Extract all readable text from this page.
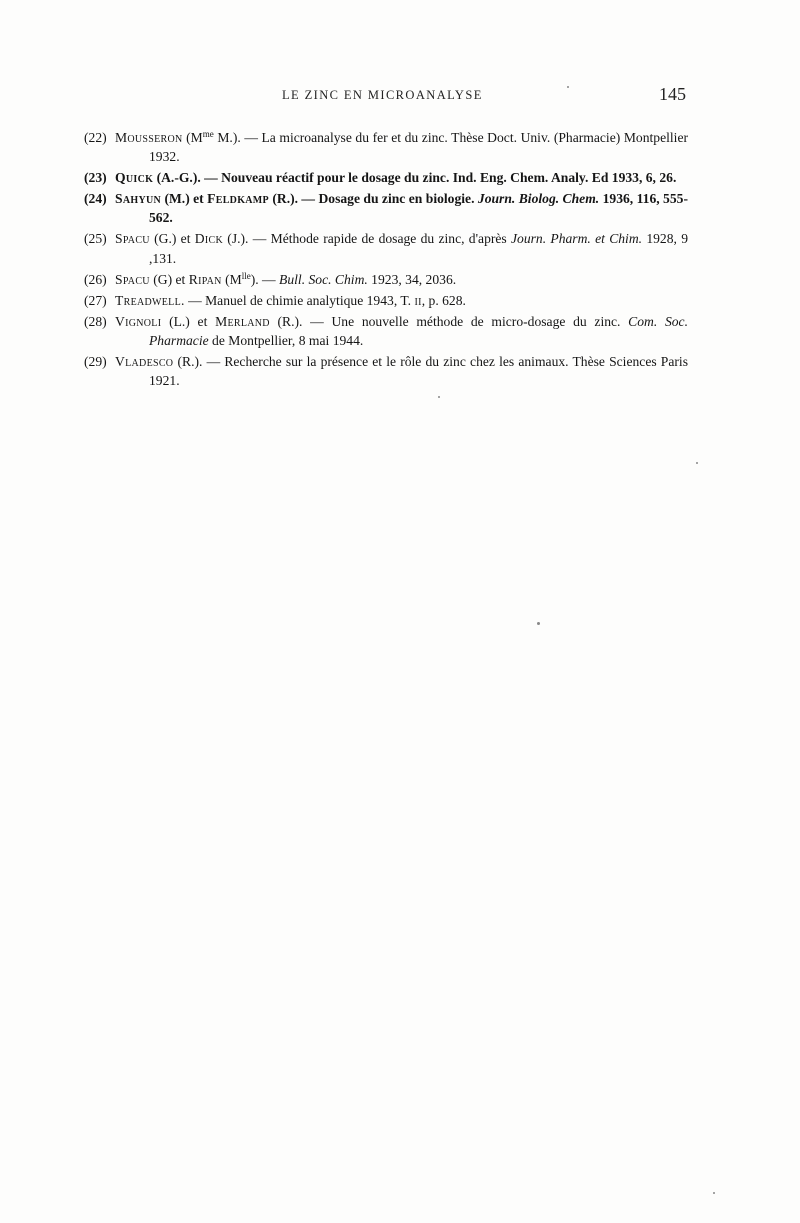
LE ZINC EN MICROANALYSE	145

(22) Mousseron ($M^{me}$ M.). — La microanalyse du fer et du zinc. Thèse Doct. Univ. (Pharmacie) Montpellier 1932.

(23) Quick (A.-G.). — Nouveau réactif pour le dosage du zinc. Ind. Eng. Chem. Analy. Ed 1933, 6, 26.

(24) Sahyun (M.) et Feldkamp (R.). — Dosage du zinc en biologie. Journ. Biolog. Chem. 1936, 116, 555-562.

(25) Spacu (G.) et Dick (J.). — Méthode rapide de dosage du zinc, d'après Journ. Pharm. et Chim. 1928, 9 ,131.

(26) Spacu (G) et Ripan $(M^{lle})$. — Bull. Soc. Chim. 1923, 34, 2036.

(27) Treadwell. — Manuel de chimie analytique 1943, T. ii, p. 628.

(28) Vignoli (L.) et Merland (R.). — Une nouvelle méthode de micro-dosage du zinc. Com. Soc. Pharmacie de Montpellier, 8 mai 1944.

(29) Vladesco (R.). — Recherche sur la présence et le rôle du zinc chez les animaux. Thèse Sciences Paris 1921.
